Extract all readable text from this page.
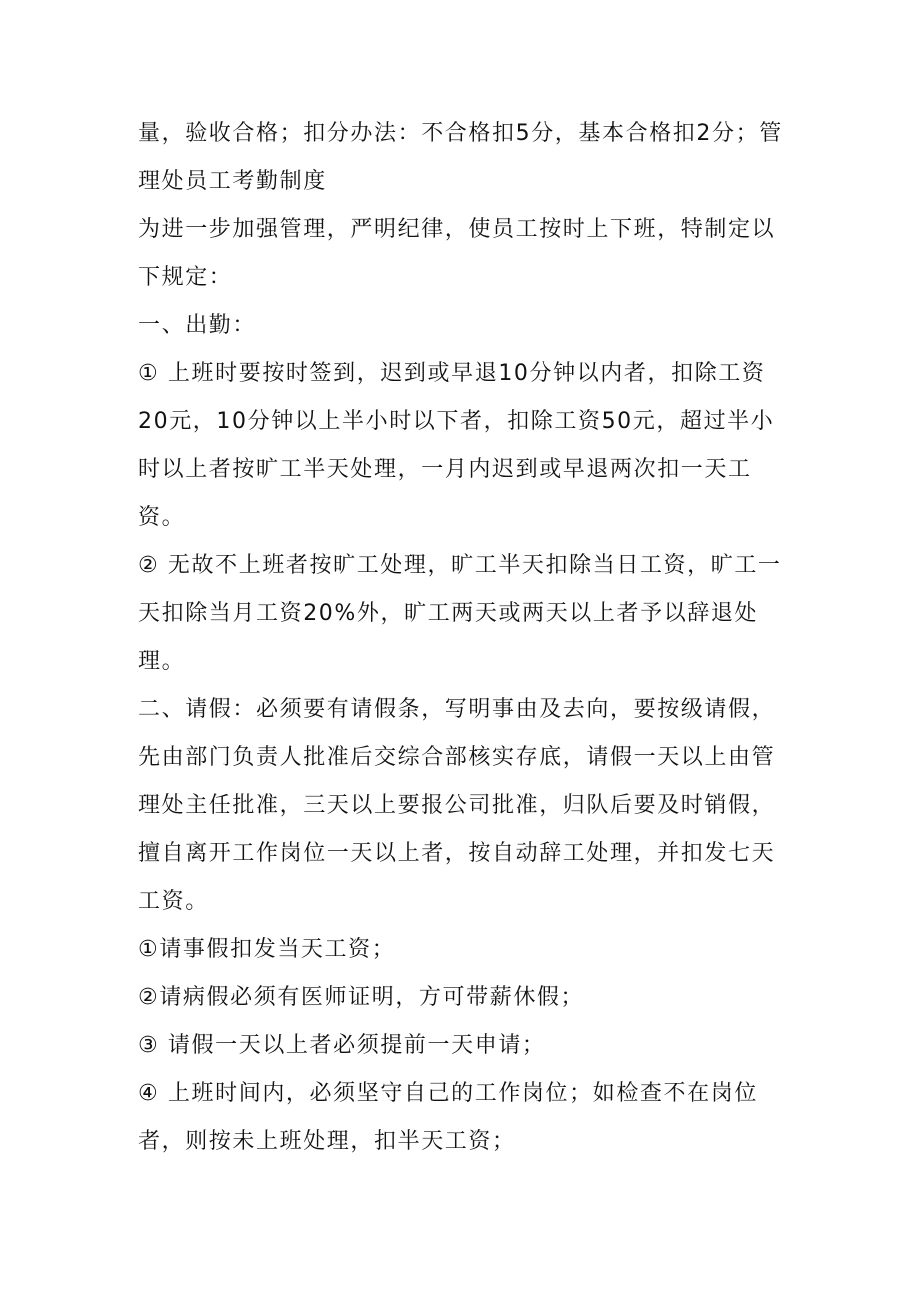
量，验收合格；扣分办法：不合格扣5分，基本合格扣2分；管理处员工考勤制度

为进一步加强管理，严明纪律，使员工按时上下班，特制定以下规定：

一、出勤：

① 上班时要按时签到，迟到或早退10分钟以内者，扣除工资20元，10分钟以上半小时以下者，扣除工资50元，超过半小时以上者按旷工半天处理，一月内迟到或早退两次扣一天工资。

② 无故不上班者按旷工处理，旷工半天扣除当日工资，旷工一天扣除当月工资20%外，旷工两天或两天以上者予以辞退处理。

二、请假：必须要有请假条，写明事由及去向，要按级请假，先由部门负责人批准后交综合部核实存底，请假一天以上由管理处主任批准，三天以上要报公司批准，归队后要及时销假，擅自离开工作岗位一天以上者，按自动辞工处理，并扣发七天工资。

①请事假扣发当天工资；

②请病假必须有医师证明，方可带薪休假；

③ 请假一天以上者必须提前一天申请；

④ 上班时间内，必须坚守自己的工作岗位；如检查不在岗位者，则按未上班处理，扣半天工资；
